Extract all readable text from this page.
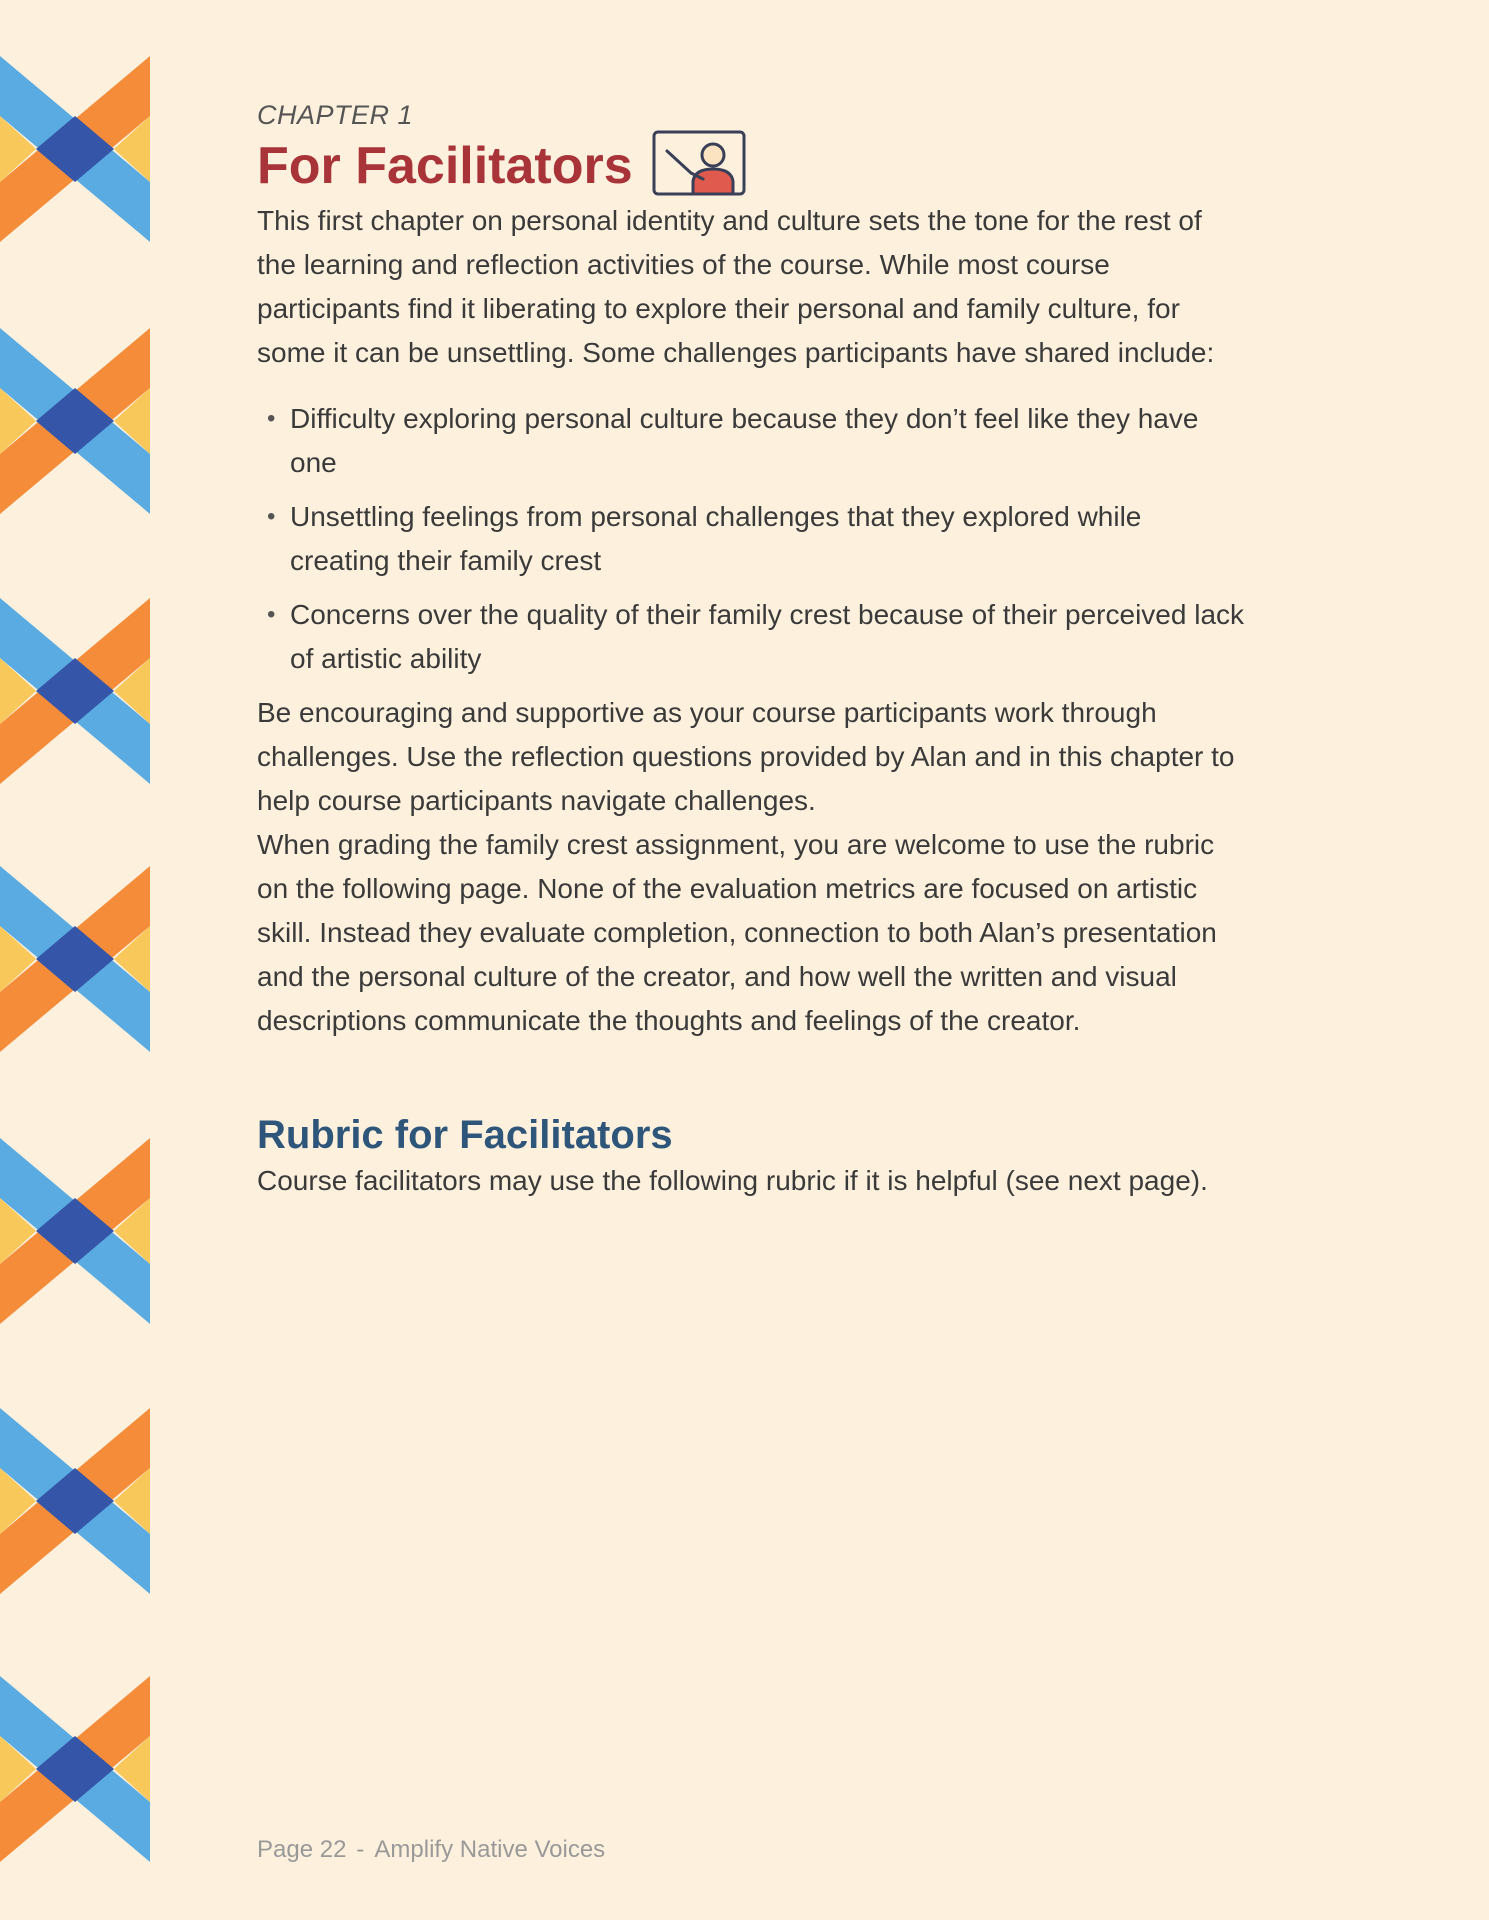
CHAPTER 1
For Facilitators

This first chapter on personal identity and culture sets the tone for the rest of the learning and reflection activities of the course. While most course participants find it liberating to explore their personal and family culture, for some it can be unsettling. Some challenges participants have shared include:

• Difficulty exploring personal culture because they don’t feel like they have one
• Unsettling feelings from personal challenges that they explored while creating their family crest
• Concerns over the quality of their family crest because of their perceived lack of artistic ability

Be encouraging and supportive as your course participants work through challenges. Use the reflection questions provided by Alan and in this chapter to help course participants navigate challenges.

When grading the family crest assignment, you are welcome to use the rubric on the following page. None of the evaluation metrics are focused on artistic skill. Instead they evaluate completion, connection to both Alan’s presentation and the personal culture of the creator, and how well the written and visual descriptions communicate the thoughts and feelings of the creator.

Rubric for Facilitators

Course facilitators may use the following rubric if it is helpful (see next page).

Page 22 - Amplify Native Voices
